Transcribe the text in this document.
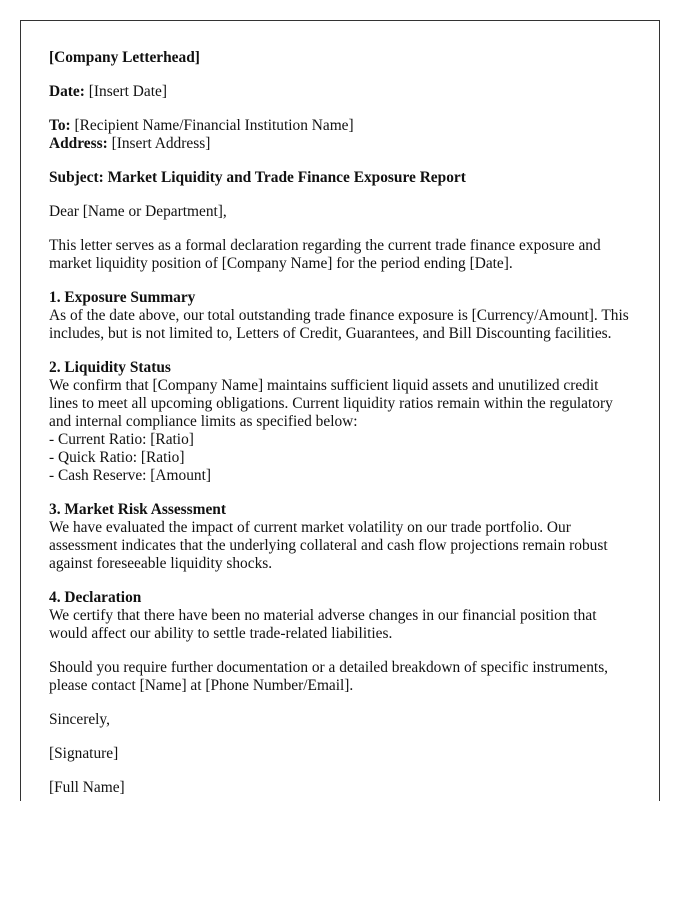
[Company Letterhead]

Date: [Insert Date]

To: [Recipient Name/Financial Institution Name]
Address: [Insert Address]

Subject: Market Liquidity and Trade Finance Exposure Report

Dear [Name or Department],

This letter serves as a formal declaration regarding the current trade finance exposure and market liquidity position of [Company Name] for the period ending [Date].

1. Exposure Summary
As of the date above, our total outstanding trade finance exposure is [Currency/Amount]. This includes, but is not limited to, Letters of Credit, Guarantees, and Bill Discounting facilities.

2. Liquidity Status
We confirm that [Company Name] maintains sufficient liquid assets and unutilized credit lines to meet all upcoming obligations. Current liquidity ratios remain within the regulatory and internal compliance limits as specified below:
- Current Ratio: [Ratio]
- Quick Ratio: [Ratio]
- Cash Reserve: [Amount]

3. Market Risk Assessment
We have evaluated the impact of current market volatility on our trade portfolio. Our assessment indicates that the underlying collateral and cash flow projections remain robust against foreseeable liquidity shocks.

4. Declaration
We certify that there have been no material adverse changes in our financial position that would affect our ability to settle trade-related liabilities.

Should you require further documentation or a detailed breakdown of specific instruments, please contact [Name] at [Phone Number/Email].

Sincerely,

[Signature]

[Full Name]
